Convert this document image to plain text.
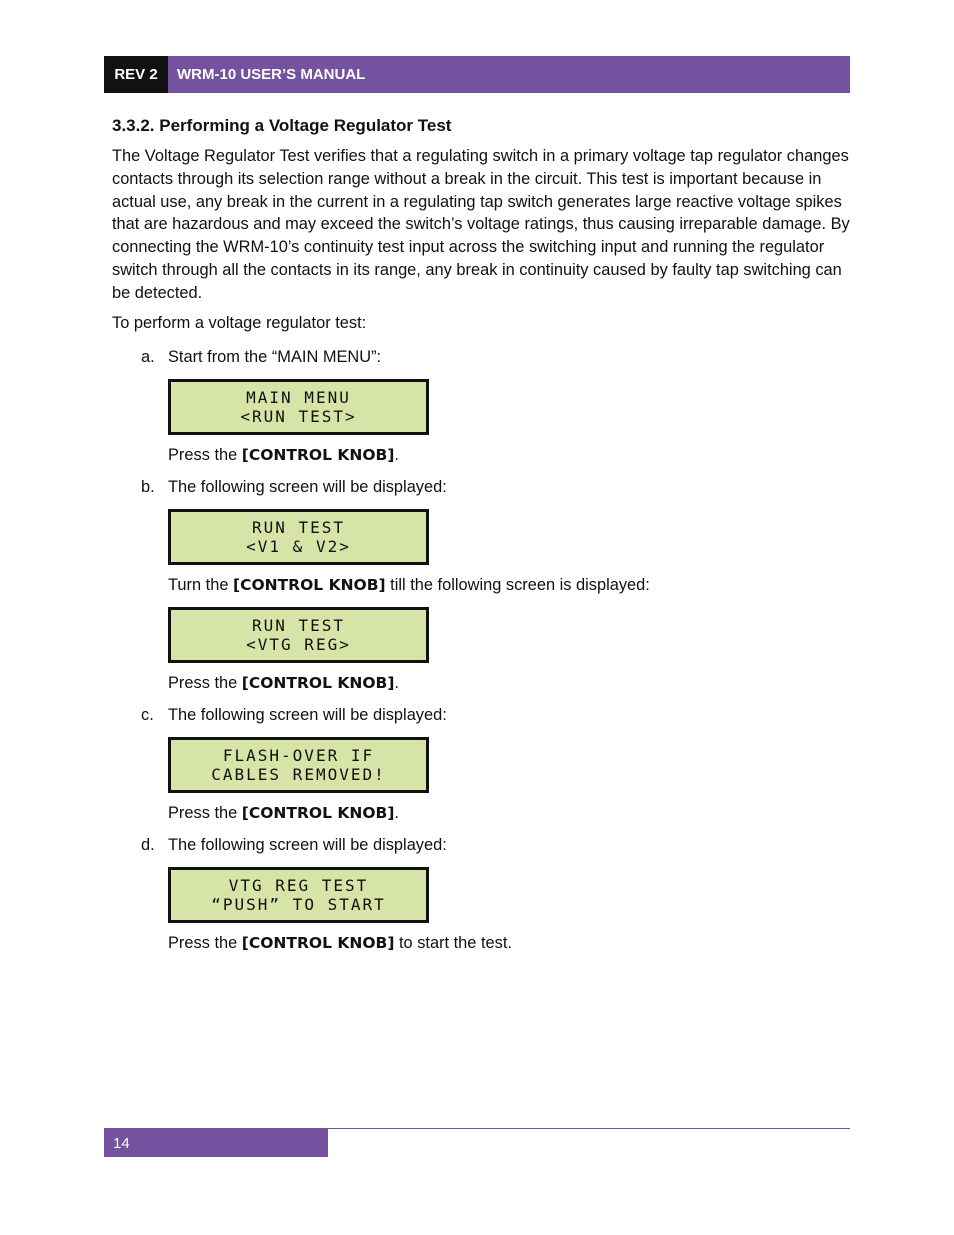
REV 2	WRM-10 USER’S MANUAL
3.3.2. Performing a Voltage Regulator Test

The Voltage Regulator Test verifies that a regulating switch in a primary voltage tap regulator changes contacts through its selection range without a break in the circuit. This test is important because in actual use, any break in the current in a regulating tap switch generates large reactive voltage spikes that are hazardous and may exceed the switch’s voltage ratings, thus causing irreparable damage. By connecting the WRM-10’s continuity test input across the switching input and running the regulator switch through all the contacts in its range, any break in continuity caused by faulty tap switching can be detected.

To perform a voltage regulator test:

a. Start from the “MAIN MENU”:
MAIN MENU
<RUN TEST>
Press the [CONTROL KNOB].
b. The following screen will be displayed:
RUN TEST
<V1 & V2>
Turn the [CONTROL KNOB] till the following screen is displayed:
RUN TEST
<VTG REG>
Press the [CONTROL KNOB].
c. The following screen will be displayed:
FLASH-OVER IF
CABLES REMOVED!
Press the [CONTROL KNOB].
d. The following screen will be displayed:
VTG REG TEST
“PUSH” TO START
Press the [CONTROL KNOB] to start the test.
14
